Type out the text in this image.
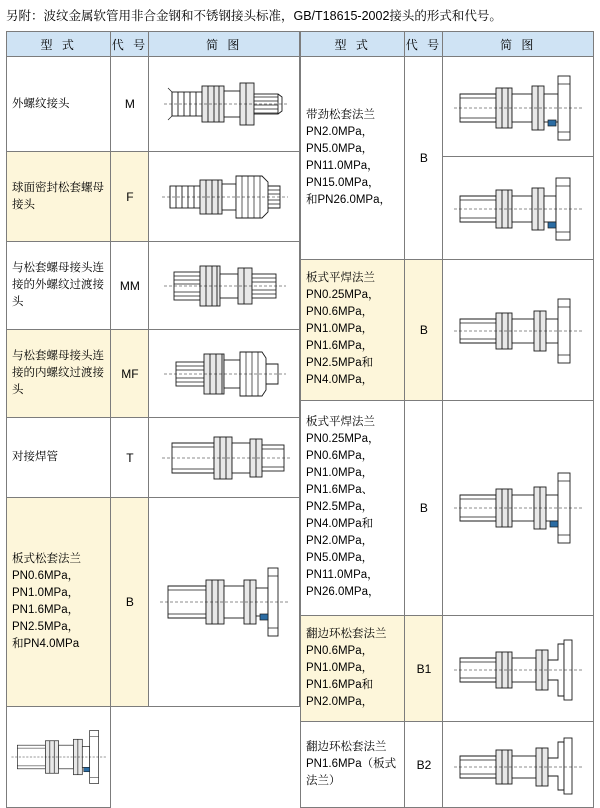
另附：波纹金属软管用非合金钢和不锈钢接头标准，GB/T18615-2002接头的形式和代号。
型 式	代 号	简 图
外螺纹接头	M	

球面密封松套螺母接头	F	

与松套螺母接头连接的外螺纹过渡接头	MM	

与松套螺母接头连接的内螺纹过渡接头	MF	

对接焊管	T	

板式松套法兰
PN0.6MPa，PN1.0MPa，
PN1.6MPa，PN2.5MPa，
和PN4.0MPa	B	

型 式	代 号	简 图

带劲松套法兰
PN2.0MPa，PN5.0MPa，
PN11.0MPa，PN15.0MPa，
和PN26.0MPa，	B	

板式平焊法兰
PN0.25MPa，PN0.6MPa，
PN1.0MPa，PN1.6MPa，
PN2.5MPa和PN4.0MPa，	B	

板式平焊法兰
PN0.25MPa，PN0.6MPa，
PN1.0MPa，PN1.6MPa、
PN2.5MPa，PN4.0MPa和
PN2.0MPa，PN5.0MPa，
PN11.0MPa，PN26.0MPa，
	B	

翻边环松套法兰
PN0.6MPa，PN1.0MPa，
PN1.6MPa和PN2.0MPa，	B1	

翻边环松套法兰
PN1.6MPa（板式法兰）	B2	
